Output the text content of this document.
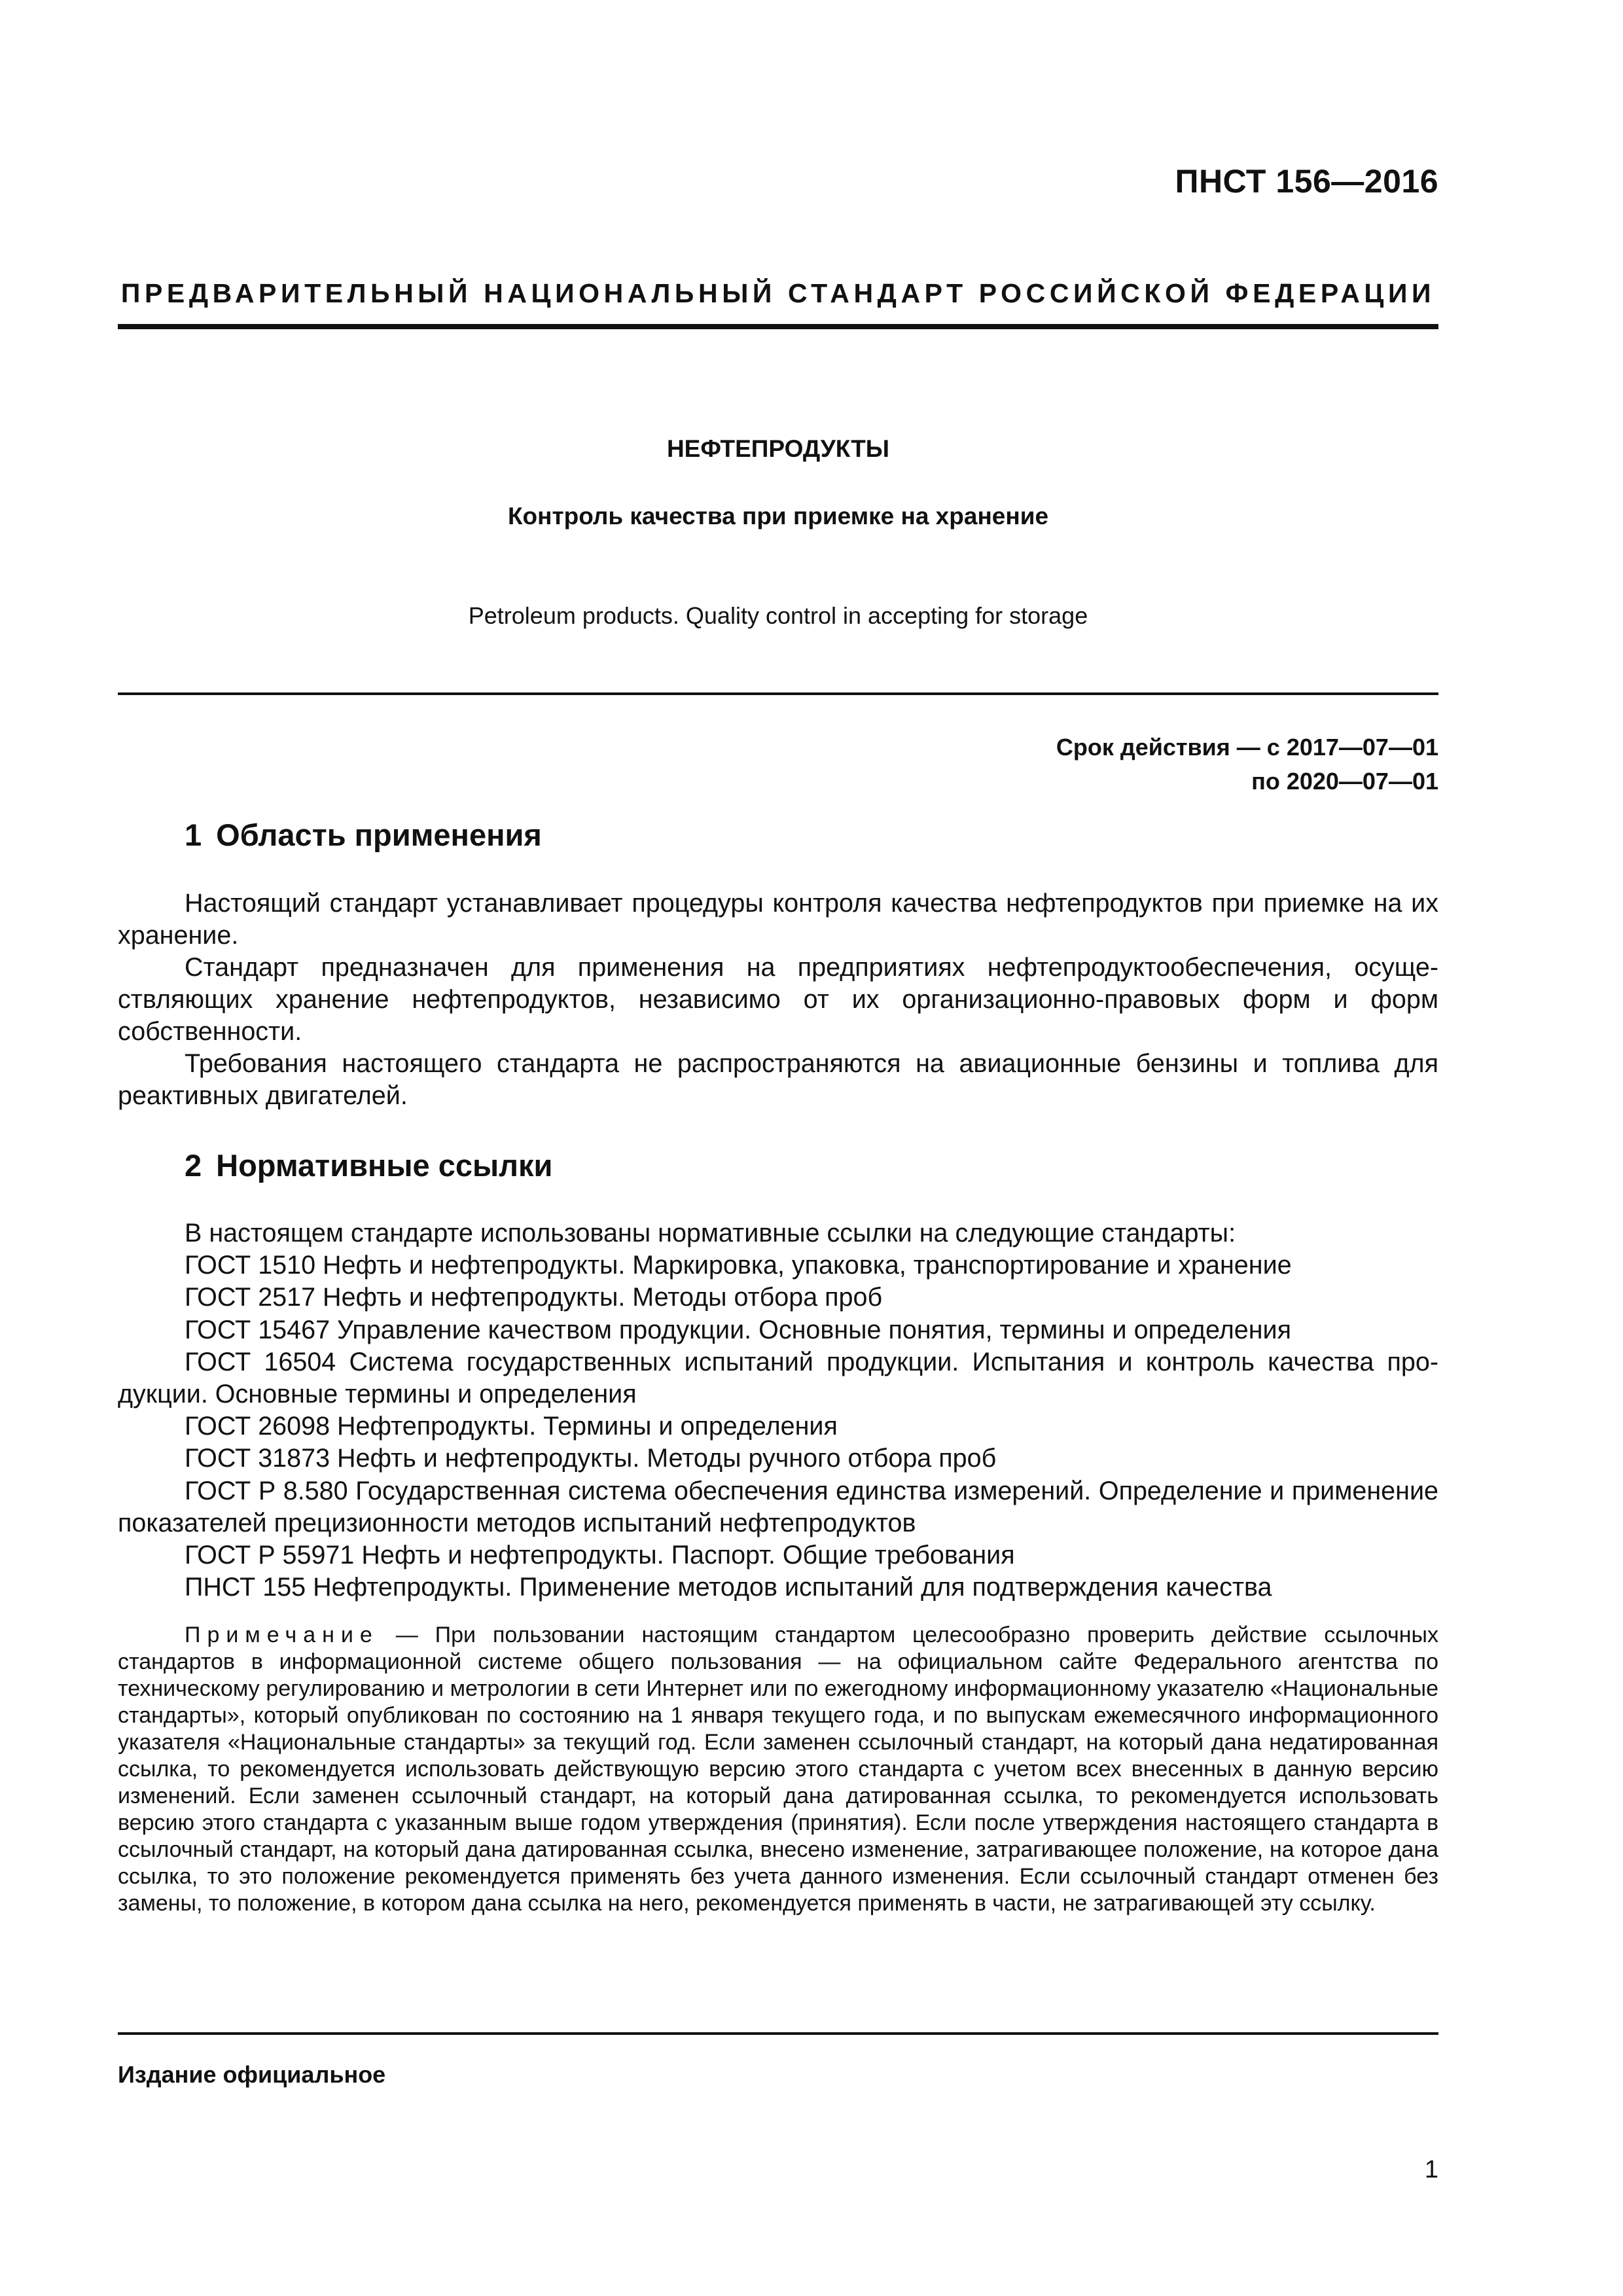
ПНСТ 156—2016
ПРЕДВАРИТЕЛЬНЫЙ НАЦИОНАЛЬНЫЙ СТАНДАРТ РОССИЙСКОЙ ФЕДЕРАЦИИ
НЕФТЕПРОДУКТЫ
Контроль качества при приемке на хранение
Petroleum products. Quality control in accepting for storage
Срок действия — с 2017—07—01
по 2020—07—01
1 Область применения

Настоящий стандарт устанавливает процедуры контроля качества нефтепродуктов при приемке на их хранение.

Стандарт предназначен для применения на предприятиях нефтепродуктообеспечения, осуществляющих хранение нефтепродуктов, независимо от их организационно-правовых форм и форм собственности.

Требования настоящего стандарта не распространяются на авиационные бензины и топлива для реактивных двигателей.

2 Нормативные ссылки

В настоящем стандарте использованы нормативные ссылки на следующие стандарты:

ГОСТ 1510 Нефть и нефтепродукты. Маркировка, упаковка, транспортирование и хранение

ГОСТ 2517 Нефть и нефтепродукты. Методы отбора проб

ГОСТ 15467 Управление качеством продукции. Основные понятия, термины и определения

ГОСТ 16504 Система государственных испытаний продукции. Испытания и контроль качества продукции. Основные термины и определения

ГОСТ 26098 Нефтепродукты. Термины и определения

ГОСТ 31873 Нефть и нефтепродукты. Методы ручного отбора проб

ГОСТ Р 8.580 Государственная система обеспечения единства измерений. Определение и применение показателей прецизионности методов испытаний нефтепродуктов

ГОСТ Р 55971 Нефть и нефтепродукты. Паспорт. Общие требования

ПНСТ 155 Нефтепродукты. Применение методов испытаний для подтверждения качества

Примечание — При пользовании настоящим стандартом целесообразно проверить действие ссылочных стандартов в информационной системе общего пользования — на официальном сайте Федерального агентства по техническому регулированию и метрологии в сети Интернет или по ежегодному информационному указателю «Национальные стандарты», который опубликован по состоянию на 1 января текущего года, и по выпускам ежемесячного информационного указателя «Национальные стандарты» за текущий год. Если заменен ссылочный стандарт, на который дана недатированная ссылка, то рекомендуется использовать действующую версию этого стандарта с учетом всех внесенных в данную версию изменений. Если заменен ссылочный стандарт, на который дана датированная ссылка, то рекомендуется использовать версию этого стандарта с указанным выше годом утверждения (принятия). Если после утверждения настоящего стандарта в ссылочный стандарт, на который дана датированная ссылка, внесено изменение, затрагивающее положение, на которое дана ссылка, то это положение рекомендуется применять без учета данного изменения. Если ссылочный стандарт отменен без замены, то положение, в котором дана ссылка на него, рекомендуется применять в части, не затрагивающей эту ссылку.
Издание официальное
1
